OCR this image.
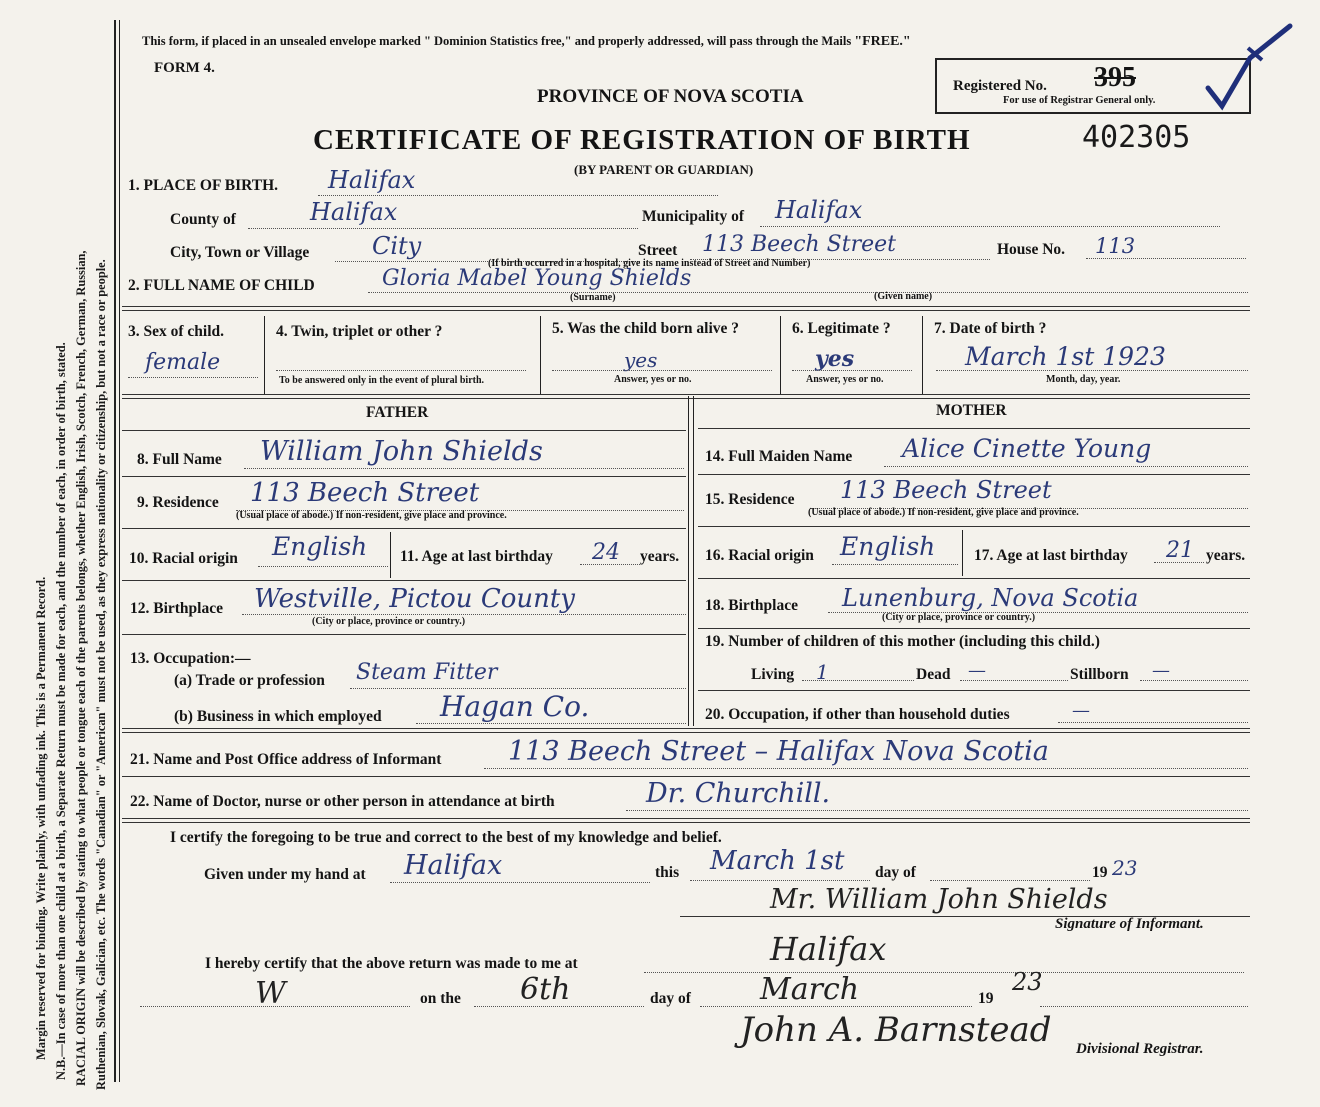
Margin reserved for binding. Write plainly, with unfading ink. This is a Permanent Record. N.B.—In case of more than one child at a birth, a Separate Return must be made for each, and the number of each, in order of birth, stated. RACIAL ORIGIN will be described by stating to what people or tongue each of the parents belongs, whether English, Irish, Scotch, French, German, Russian, Ruthenian, Slovak, Galician, etc. The words "Canadian" or "American" must not be used, as they express nationality or citizenship, but not a race or people.
This form, if placed in an unsealed envelope marked " Dominion Statistics free," and properly addressed, will pass through the Mails "FREE."
FORM 4.
PROVINCE OF NOVA SCOTIA	Registered No. 395
For use of Registrar General only.
CERTIFICATE OF REGISTRATION OF BIRTH	402305
(BY PARENT OR GUARDIAN)
1. PLACE OF BIRTH. Halifax
County of	Halifax	Municipality of Halifax
City, Town or Village	City	Street 113 Beech Street	House No. 113
(If birth occurred in a hospital, give its name instead of Street and Number)
2. FULL NAME OF CHILD	Gloria Mabel Young Shields
(Surname)	(Given name)
3. Sex of child.
female
4. Twin, triplet or other ?
To be answered only in the event of plural birth.
5. Was the child born alive ?
yes
Answer, yes or no.
6. Legitimate ?
yes
Answer, yes or no.
7. Date of birth ?
March 1st 1923
Month, day, year.
FATHER	MOTHER
8. Full Name William John Shields
9. Residence 113 Beech Street
(Usual place of abode.) If non-resident, give place and province.
10. Racial origin English 11. Age at last birthday 24 years.
12. Birthplace Westville, Pictou County
(City or place, province or country.)
13. Occupation:—
(a) Trade or profession Steam Fitter
(b) Business in which employed Hagan Co.
14. Full Maiden Name Alice Cinette Young
15. Residence 113 Beech Street
(Usual place of abode.) If non-resident, give place and province.
16. Racial origin English 17. Age at last birthday 21 years.
18. Birthplace Lunenburg, Nova Scotia
(City or place, province or country.)
19. Number of children of this mother (including this child.)
Living 1	Dead —	Stillborn —
20. Occupation, if other than household duties	—
21. Name and Post Office address of Informant 113 Beech Street – Halifax Nova Scotia
22. Name of Doctor, nurse or other person in attendance at birth	Dr. Churchill.
I certify the foregoing to be true and correct to the best of my knowledge and belief.
Given under my hand at Halifax	this March 1st day of	19 23
Mr. William John Shields
Signature of Informant.
Halifax
I hereby certify that the above return was made to me at
W	on the 6th	day of March	19
23
John A. Barnstead Divisional Registrar.
